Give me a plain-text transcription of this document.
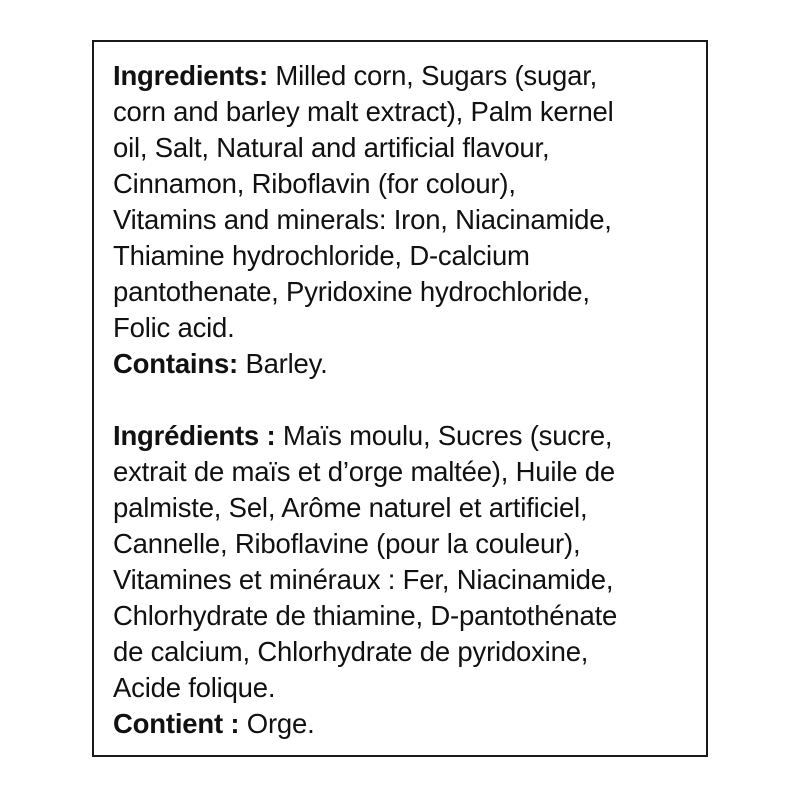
Ingredients: Milled corn, Sugars (sugar,
corn and barley malt extract), Palm kernel
oil, Salt, Natural and artificial flavour,
Cinnamon, Riboflavin (for colour),
Vitamins and minerals: Iron, Niacinamide,
Thiamine hydrochloride, D-calcium
pantothenate, Pyridoxine hydrochloride,
Folic acid.
Contains: Barley.
Ingrédients : Maïs moulu, Sucres (sucre,
extrait de maïs et d’orge maltée), Huile de
palmiste, Sel, Arôme naturel et artificiel,
Cannelle, Riboflavine (pour la couleur),
Vitamines et minéraux : Fer, Niacinamide,
Chlorhydrate de thiamine, D-pantothénate
de calcium, Chlorhydrate de pyridoxine,
Acide folique.
Contient : Orge.
